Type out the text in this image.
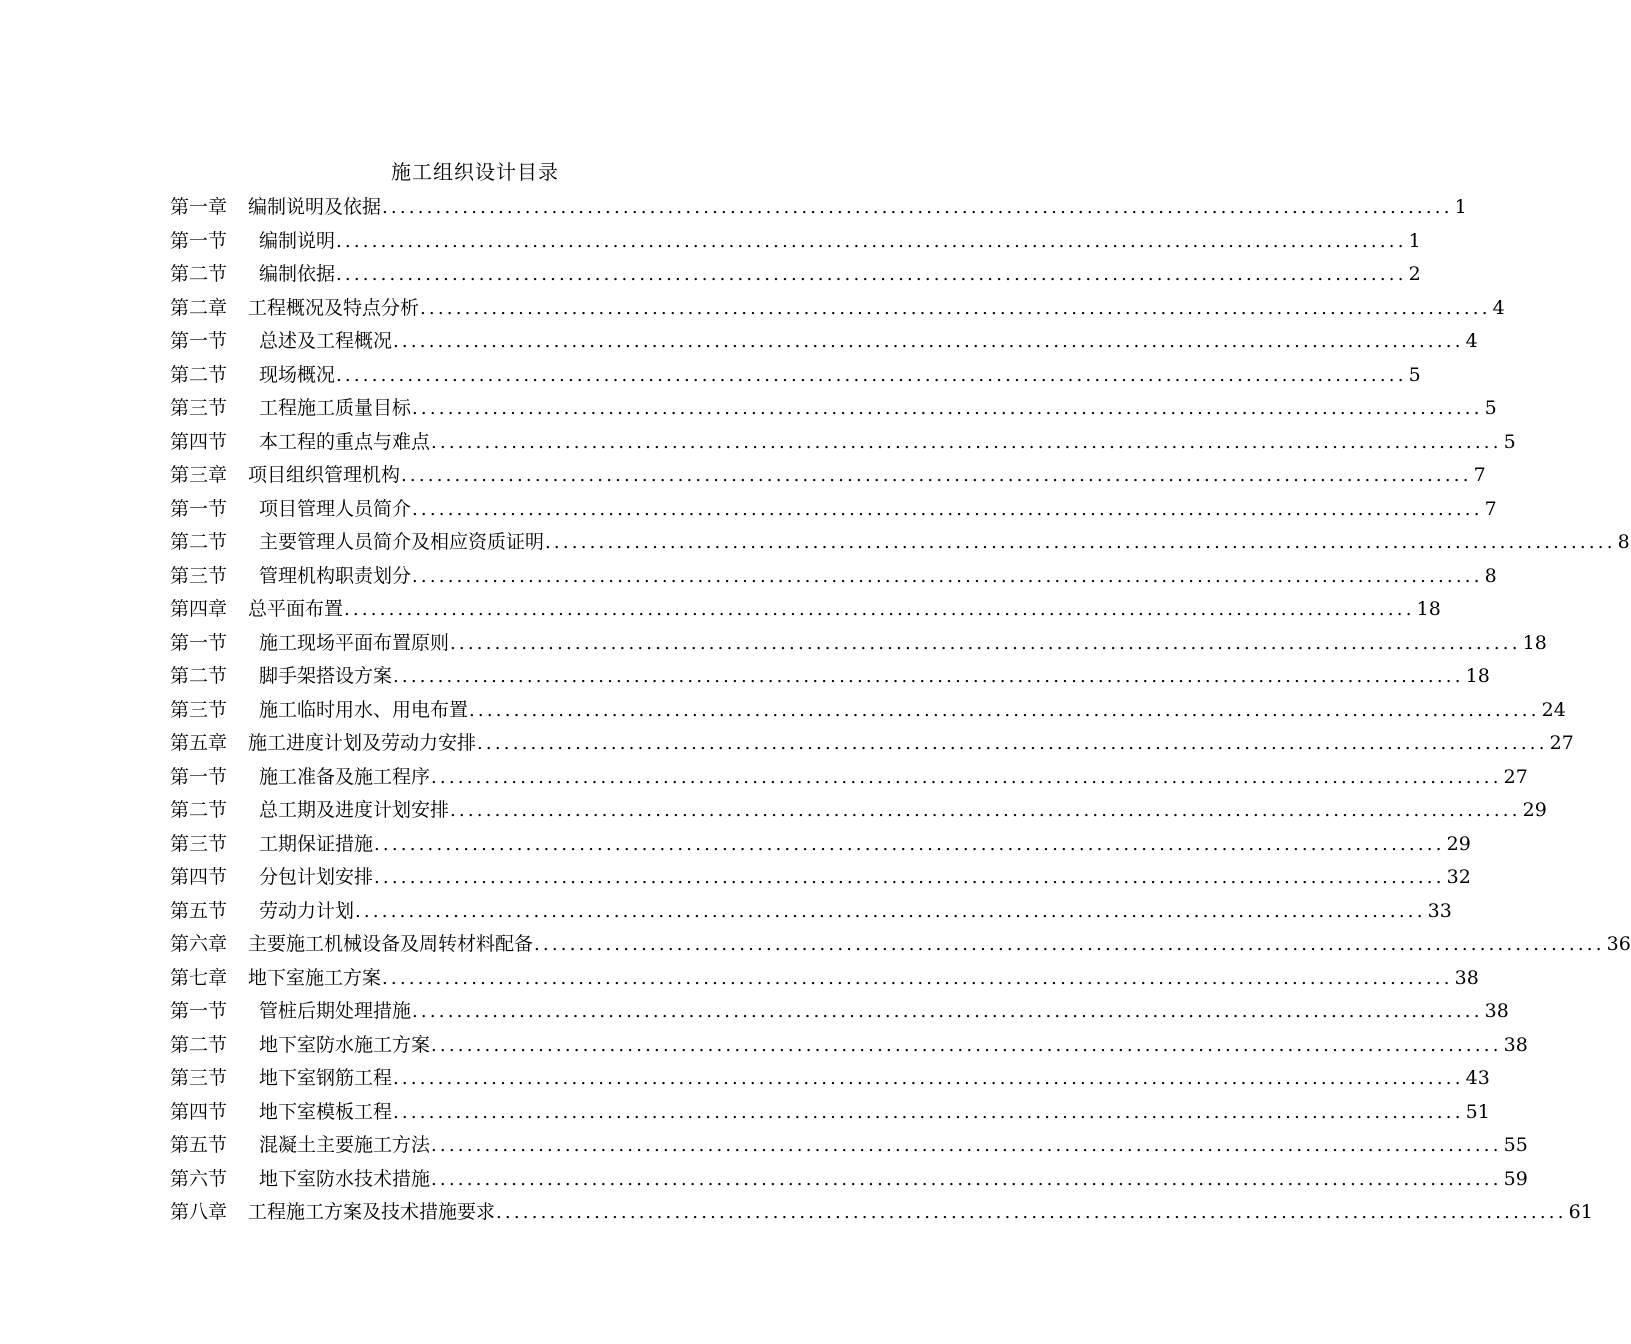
施工组织设计目录
第一章	编制说明及依据 ........................................................................................................................ 1
第一节	编制说明 ........................................................................................................................ 1
第二节	编制依据 ........................................................................................................................ 2
第二章	工程概况及特点分析 ........................................................................................................................ 4
第一节	总述及工程概况 ........................................................................................................................ 4
第二节	现场概况 ........................................................................................................................ 5
第三节	工程施工质量目标 ........................................................................................................................ 5
第四节	本工程的重点与难点 ........................................................................................................................ 5
第三章	项目组织管理机构 ........................................................................................................................ 7
第一节	项目管理人员简介 ........................................................................................................................ 7
第二节	主要管理人员简介及相应资质证明 ........................................................................................................................ 8
第三节	管理机构职责划分 ........................................................................................................................ 8
第四章	总平面布置 ........................................................................................................................ 18
第一节	施工现场平面布置原则 ........................................................................................................................ 18
第二节	脚手架搭设方案 ........................................................................................................................ 18
第三节	施工临时用水、用电布置 ........................................................................................................................ 24
第五章	施工进度计划及劳动力安排 ........................................................................................................................ 27
第一节	施工准备及施工程序 ........................................................................................................................ 27
第二节	总工期及进度计划安排 ........................................................................................................................ 29
第三节	工期保证措施 ........................................................................................................................ 29
第四节	分包计划安排 ........................................................................................................................ 32
第五节	劳动力计划 ........................................................................................................................ 33
第六章	主要施工机械设备及周转材料配备 ........................................................................................................................ 36
第七章	地下室施工方案 ........................................................................................................................ 38
第一节	管桩后期处理措施 ........................................................................................................................ 38
第二节	地下室防水施工方案 ........................................................................................................................ 38
第三节	地下室钢筋工程 ........................................................................................................................ 43
第四节	地下室模板工程 ........................................................................................................................ 51
第五节	混凝土主要施工方法 ........................................................................................................................ 55
第六节	地下室防水技术措施 ........................................................................................................................ 59
第八章	工程施工方案及技术措施要求 ........................................................................................................................ 61
